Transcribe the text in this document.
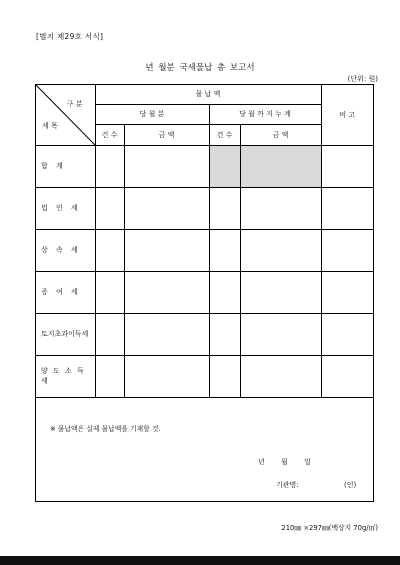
[별지 제29호 서식]
년 월분 국세물납 총 보고서
(단위: 원)
구 분
세 목	물 납 액				비 고
	당 월 분		당 월 까 지 누 계		
	건 수	금 액	건 수	금 액	
합 계					
법 인 세					
상 속 세					
증 여 세					
토지초과이득세					
양 도 소 득 세					
※ 물납액은 실제 물납액을 기재할 것.
년 월 일
기관명:	(인)
210㎜ ×297㎜(백상지 70g/㎡)
